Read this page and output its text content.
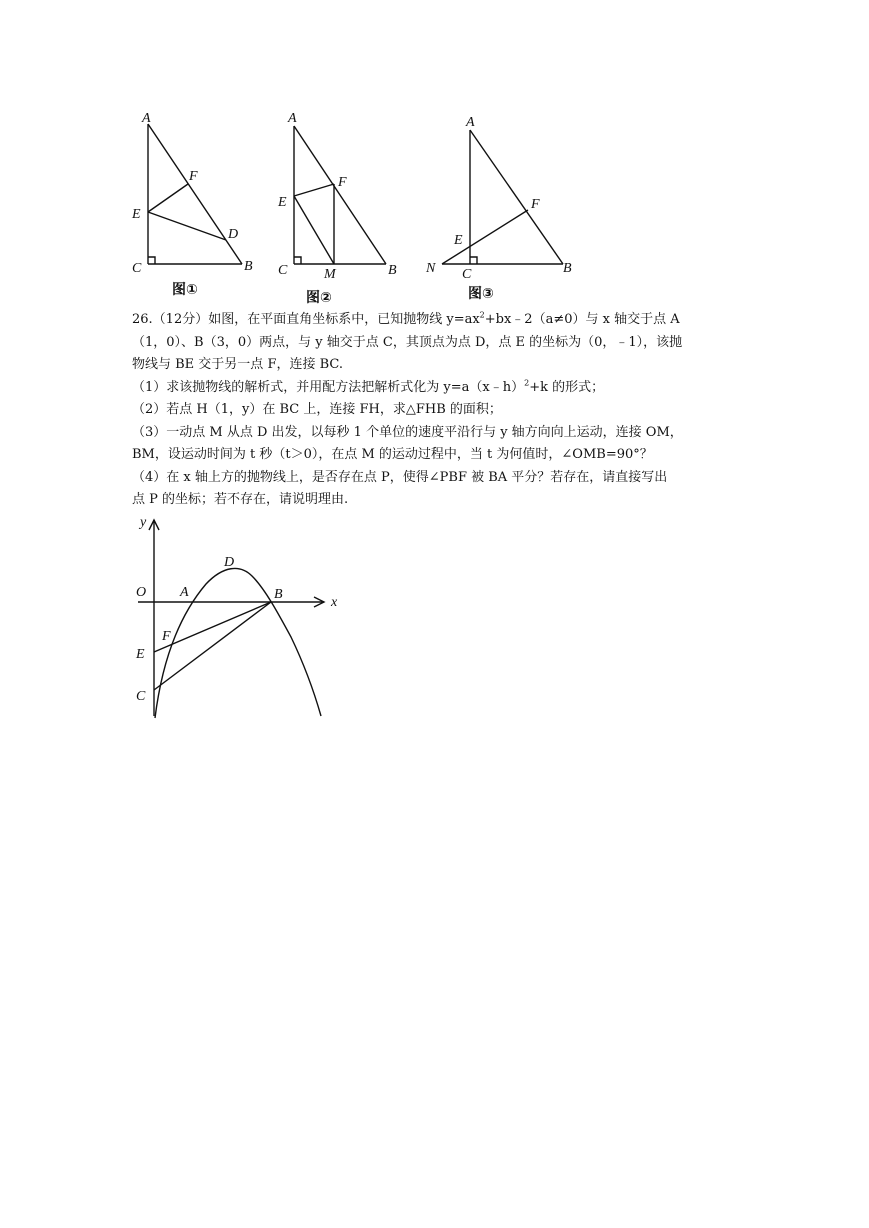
A
F
E
D
C	B
图①
A
F
E
C	M	B
图②
A
F
E
N C	B
图③

26.（12分）如图，在平面直角坐标系中，已知抛物线 $y=ax^2+bx﹣2(a\ne 0)$与 x 轴交于点 A

（1，0）、B（3，0）两点，与 y 轴交于点 C，其顶点为点 D，点 E 的坐标为（0，﹣1），该抛

物线与 BE 交于另一点 F，连接 BC.

（1）求该抛物线的解析式，并用配方法把解析式化为 y=a（x﹣h）$^2$+k 的形式；

（2）若点 H（1，y）在 BC 上，连接 FH，求△FHB 的面积；

（3）一动点 M 从点 D 出发，以每秒 1 个单位的速度平沿行与 y 轴方向向上运动，连接 OM，

BM，设运动时间为 t 秒（t＞0），在点 M 的运动过程中，当 t 为何值时，∠OMB=90°？

（4）在 x 轴上方的抛物线上，是否存在点 P，使得∠PBF 被 BA 平分？若存在，请直接写出

点 P 的坐标；若不存在，请说明理由.

y
x
O A
D
B
F
E
C
